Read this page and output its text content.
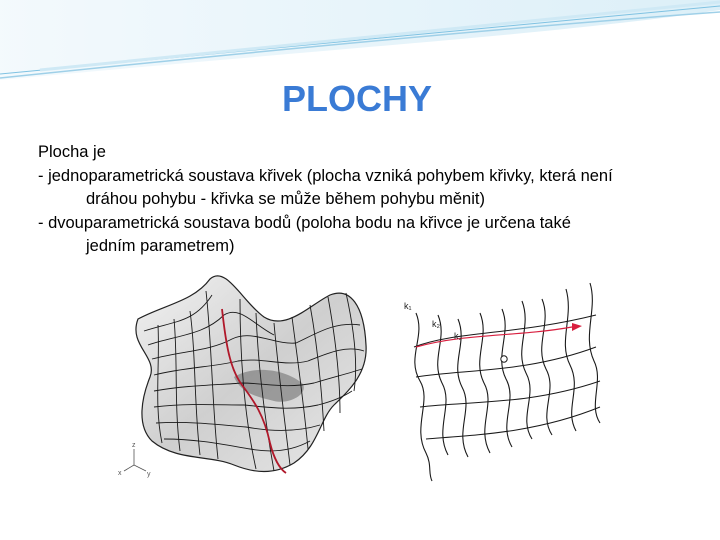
PLOCHY

Plocha je

- jednoparametrická soustava křivek (plocha vzniká pohybem křivky, která není
dráhou pohybu - křivka se může během pohybu měnit)

- dvouparametrická soustava bodů (poloha bodu na křivce je určena také
jedním parametrem)

z
x	y
k₁
k₂
k₃
